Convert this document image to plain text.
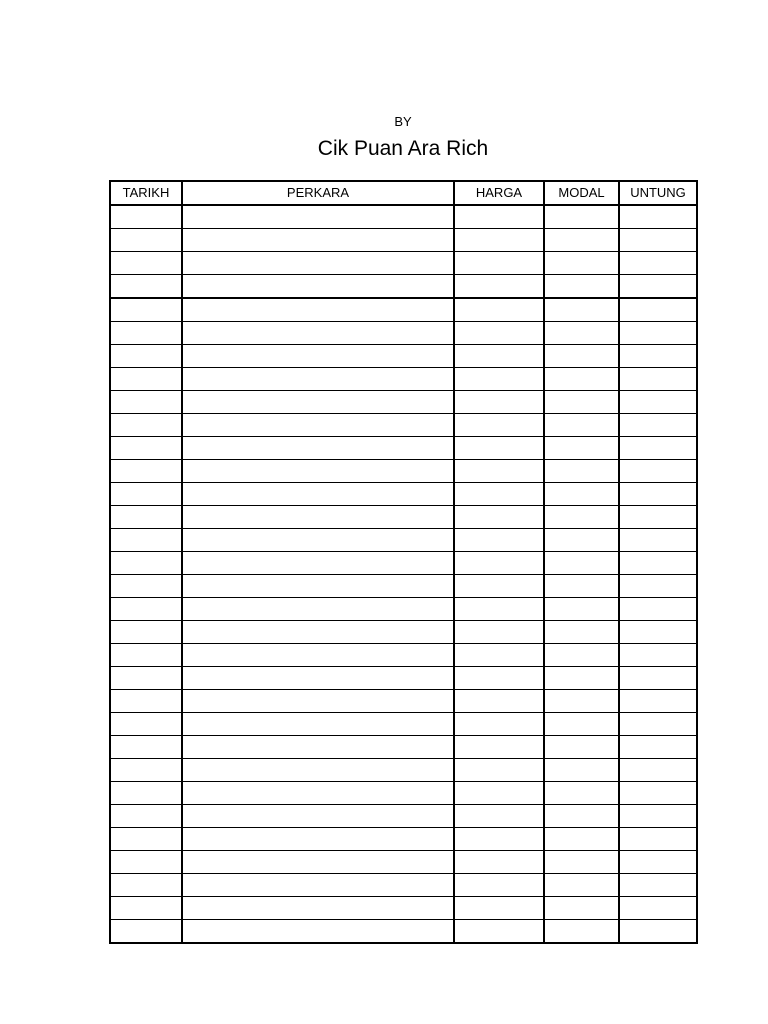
BY
Cik Puan Ara Rich
TARIKH	PERKARA	HARGA	MODAL	UNTUNG
